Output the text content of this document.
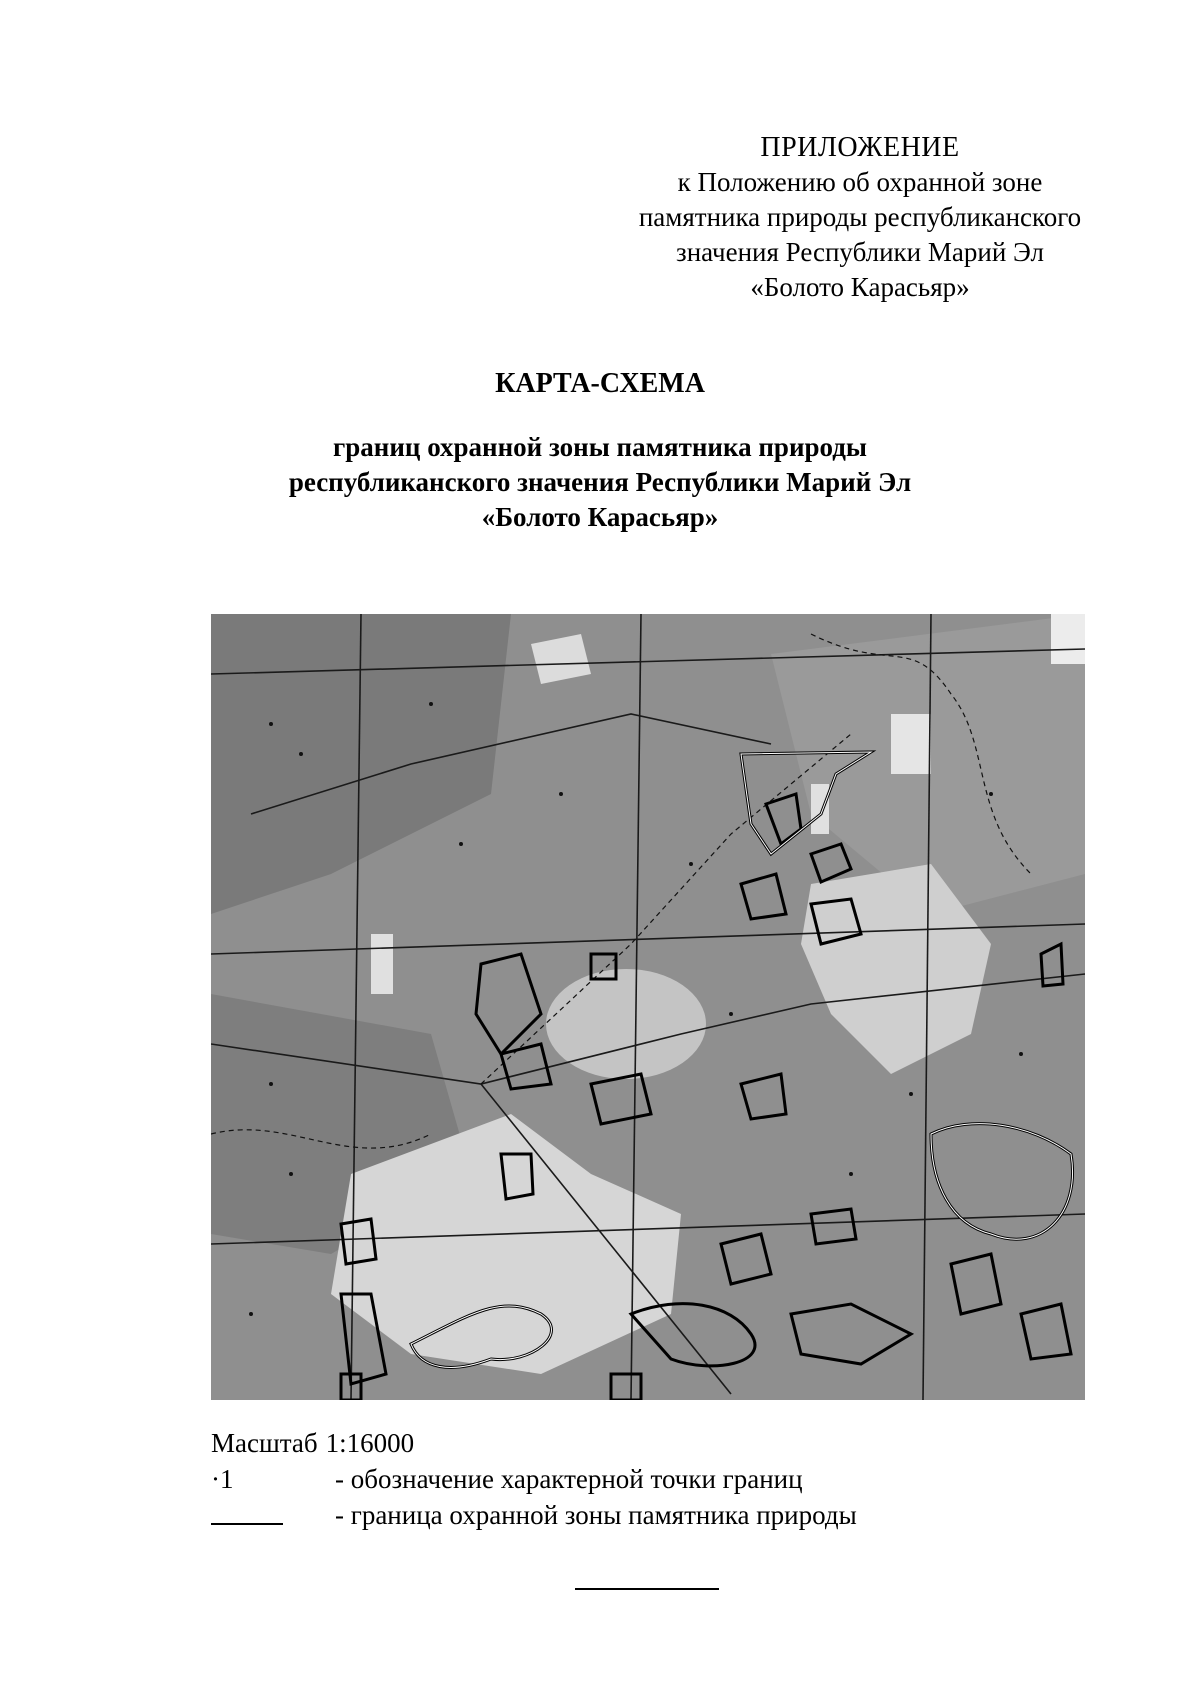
ПРИЛОЖЕНИЕ
к Положению об охранной зоне
памятника природы республиканского
значения Республики Марий Эл
«Болото Карасьяр»
КАРТА-СХЕМА
границ охранной зоны памятника природы
республиканского значения Республики Марий Эл
«Болото Карасьяр»
Масштаб 1:16000
·1	- обозначение характерной точки границ
- граница охранной зоны памятника природы
